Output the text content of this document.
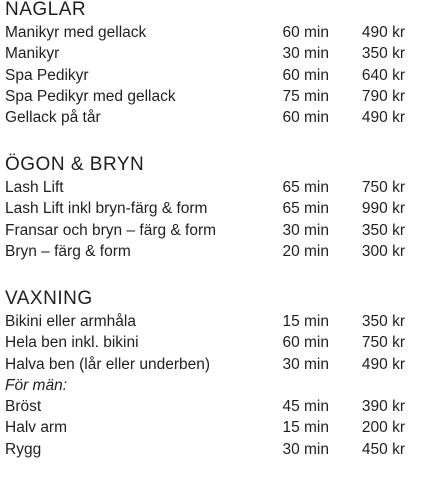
NAGLAR
Manikyr med gellack	60 min 490 kr
Manikyr	30 min 350 kr
Spa Pedikyr	60 min 640 kr
Spa Pedikyr med gellack	75 min 790 kr
Gellack på tår	60 min 490 kr
ÖGON & BRYN
Lash Lift	65 min 750 kr
Lash Lift inkl bryn-färg & form	65 min 990 kr
Fransar och bryn – färg & form	30 min 350 kr
Bryn – färg & form	20 min 300 kr
VAXNING
Bikini eller armhåla	15 min 350 kr
Hela ben inkl. bikini	60 min 750 kr
Halva ben (lår eller underben)	30 min 490 kr
För män:
Bröst	45 min 390 kr
Halv arm	15 min 200 kr
Rygg	30 min 450 kr
